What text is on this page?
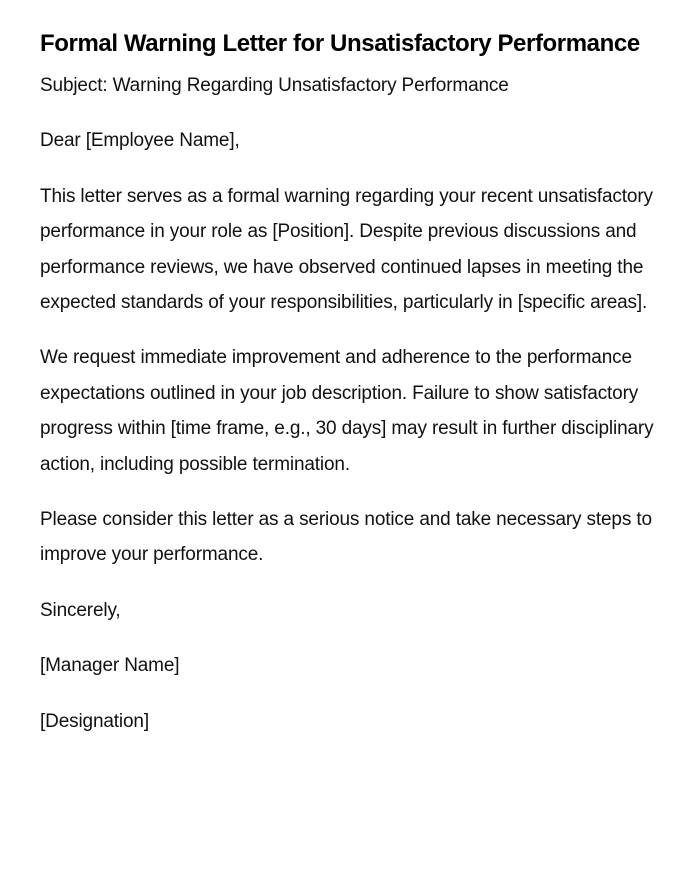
Formal Warning Letter for Unsatisfactory Performance

Subject: Warning Regarding Unsatisfactory Performance

Dear [Employee Name],

This letter serves as a formal warning regarding your recent unsatisfactory performance in your role as [Position]. Despite previous discussions and performance reviews, we have observed continued lapses in meeting the expected standards of your responsibilities, particularly in [specific areas].

We request immediate improvement and adherence to the performance expectations outlined in your job description. Failure to show satisfactory progress within [time frame, e.g., 30 days] may result in further disciplinary action, including possible termination.

Please consider this letter as a serious notice and take necessary steps to improve your performance.

Sincerely,

[Manager Name]

[Designation]
